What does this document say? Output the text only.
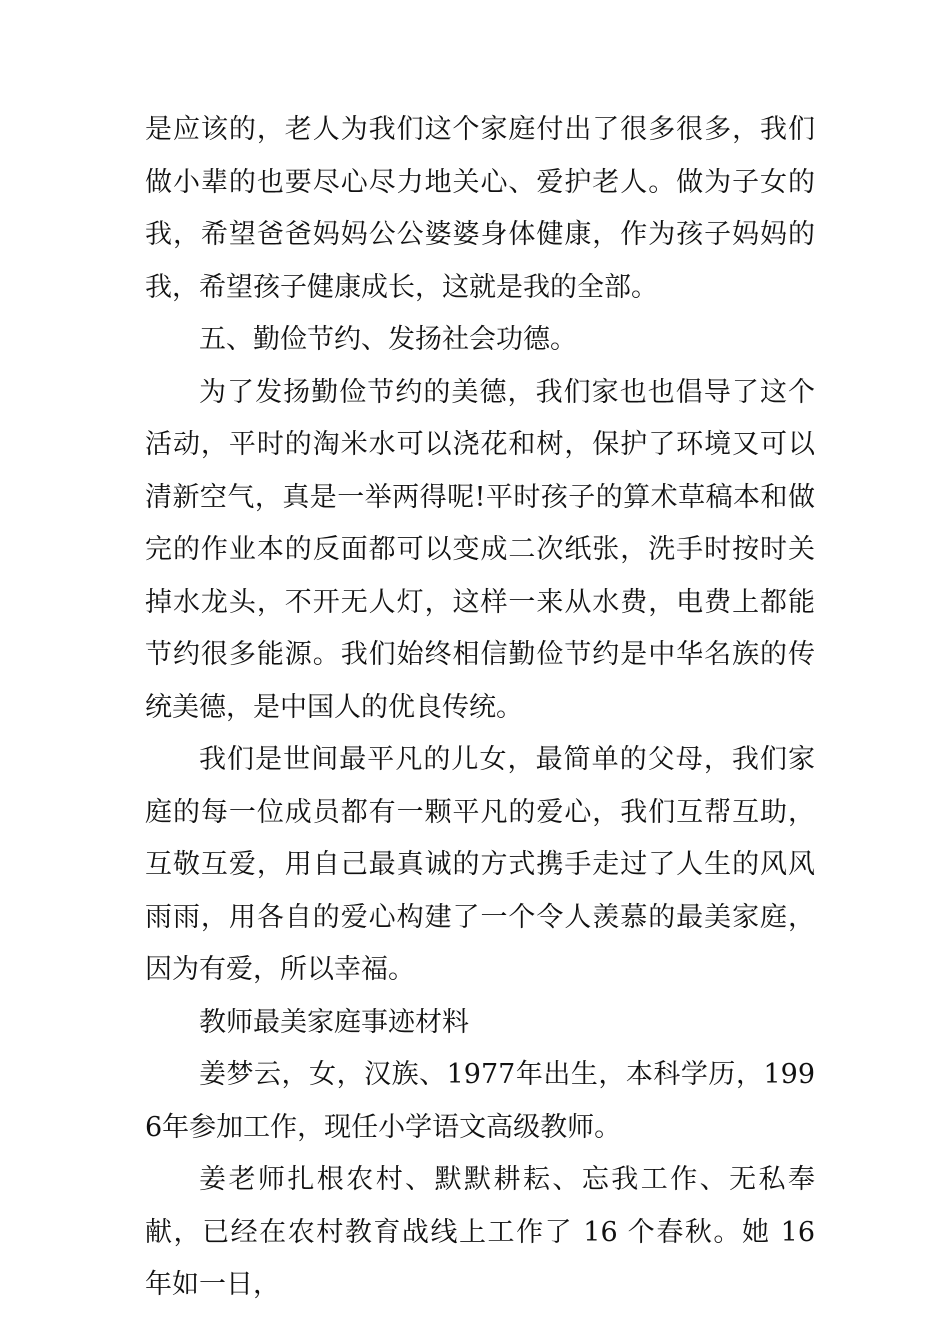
是应该的，老人为我们这个家庭付出了很多很多，我们做小辈的也要尽心尽力地关心、爱护老人。做为子女的我，希望爸爸妈妈公公婆婆身体健康，作为孩子妈妈的我，希望孩子健康成长，这就是我的全部。

五、勤俭节约、发扬社会功德。

为了发扬勤俭节约的美德，我们家也也倡导了这个活动，平时的淘米水可以浇花和树，保护了环境又可以清新空气，真是一举两得呢!平时孩子的算术草稿本和做完的作业本的反面都可以变成二次纸张，洗手时按时关掉水龙头，不开无人灯，这样一来从水费，电费上都能节约很多能源。我们始终相信勤俭节约是中华名族的传统美德，是中国人的优良传统。

我们是世间最平凡的儿女，最简单的父母，我们家庭的每一位成员都有一颗平凡的爱心，我们互帮互助，互敬互爱，用自己最真诚的方式携手走过了人生的风风雨雨，用各自的爱心构建了一个令人羡慕的最美家庭，因为有爱，所以幸福。

教师最美家庭事迹材料

姜梦云，女，汉族、1977年出生，本科学历，1996年参加工作，现任小学语文高级教师。

姜老师扎根农村、默默耕耘、忘我工作、无私奉献，已经在农村教育战线上工作了 16 个春秋。她 16 年如一日，
